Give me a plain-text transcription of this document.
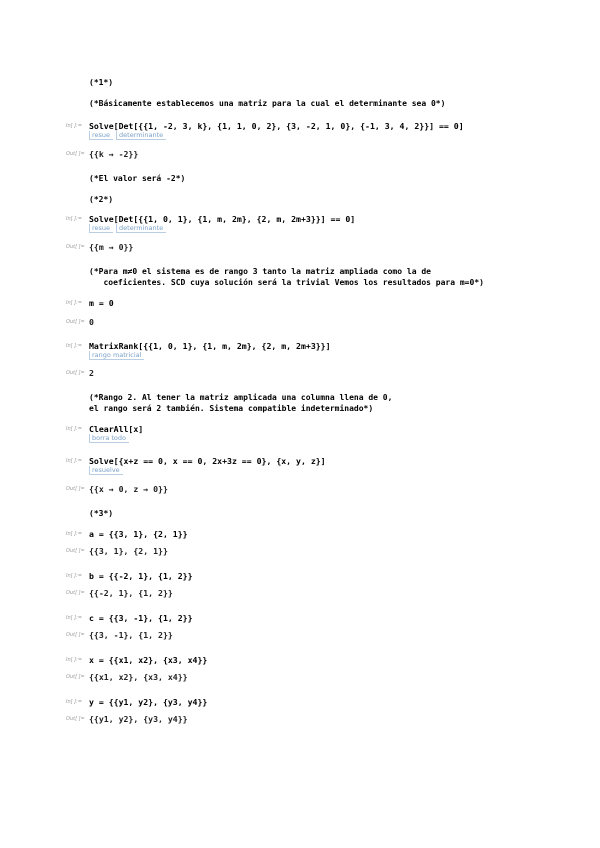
(*1*)
(*Básicamente establecemos una matriz para la cual el determinante sea 0*)
In[ ]:= Solve[Det[{{1, -2, 3, k}, {1, 1, 0, 2}, {3, -2, 1, 0}, {-1, 3, 4, 2}}] == 0]
resue determinante
Out[ ]= {{k → -2}}
(*El valor será -2*)
(*2*)
In[ ]:= Solve[Det[{{1, 0, 1}, {1, m, 2m}, {2, m, 2m+3}}] == 0]
resue determinante
Out[ ]= {{m → 0}}
(*Para m≠0 el sistema es de rango 3 tanto la matriz ampliada como la de
coeficientes. SCD cuya solución será la trivial Vemos los resultados para m=0*)
In[ ]:= m = 0
Out[ ]= 0
In[ ]:= MatrixRank[{{1, 0, 1}, {1, m, 2m}, {2, m, 2m+3}}]
rango matricial
Out[ ]= 2
(*Rango 2. Al tener la matriz amplicada una columna llena de 0,
el rango será 2 también. Sistema compatible indeterminado*)
In[ ]:= ClearAll[x]
borra todo
In[ ]:= Solve[{x+z == 0, x == 0, 2x+3z == 0}, {x, y, z}]
resuelve
Out[ ]= {{x → 0, z → 0}}
(*3*)
In[ ]:= a = {{3, 1}, {2, 1}}
Out[ ]= {{3, 1}, {2, 1}}
In[ ]:= b = {{-2, 1}, {1, 2}}
Out[ ]= {{-2, 1}, {1, 2}}
In[ ]:= c = {{3, -1}, {1, 2}}
Out[ ]= {{3, -1}, {1, 2}}
In[ ]:= x = {{x1, x2}, {x3, x4}}
Out[ ]= {{x1, x2}, {x3, x4}}
In[ ]:= y = {{y1, y2}, {y3, y4}}
Out[ ]= {{y1, y2}, {y3, y4}}
